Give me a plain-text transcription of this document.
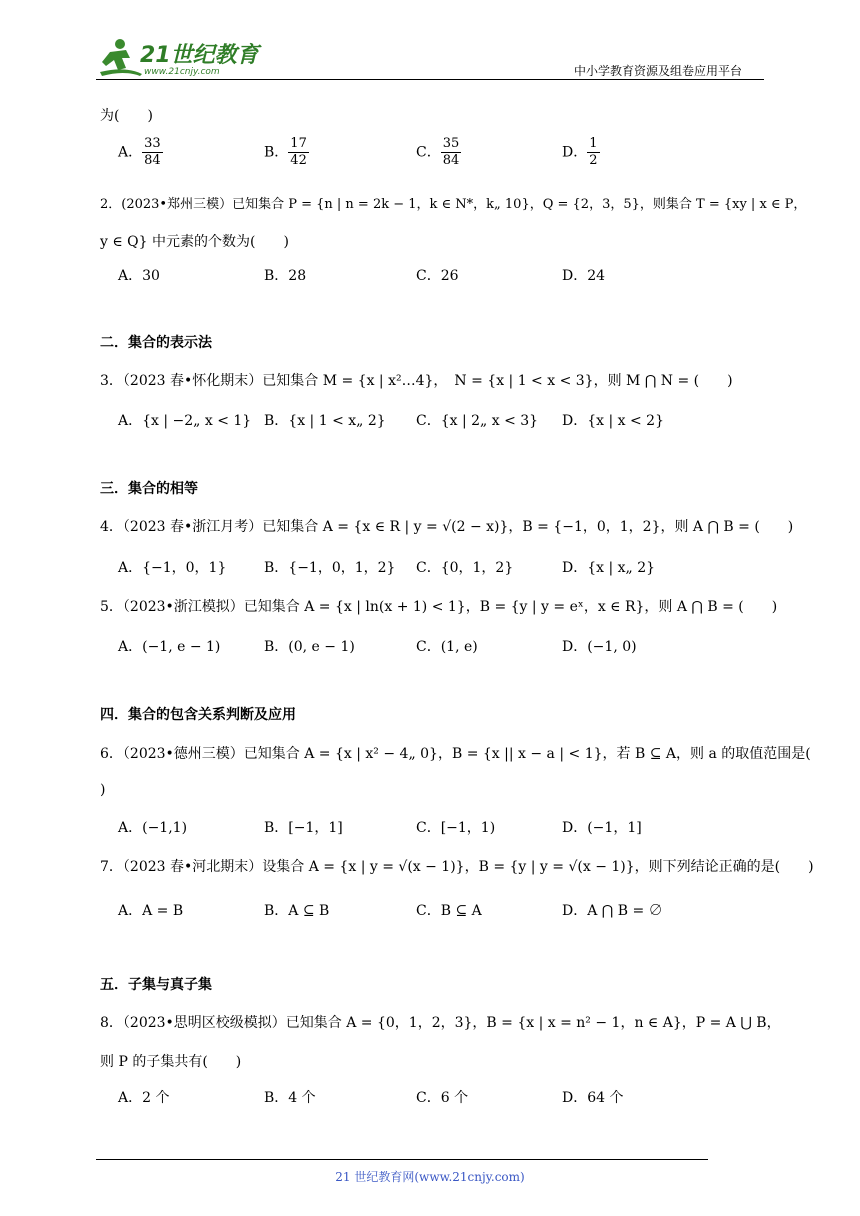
21世纪教育
www.21cnjy.com	中小学教育资源及组卷应用平台
为(　　)
A． $\frac{33}{84}$	B． $\frac{17}{42}$	C． $\frac{35}{84}$	D． $\frac{1}{2}$
2．(2023•郑州三模）已知集合 P = {n | n = 2k − 1，k ∈ N*，k„ 10}，Q = {2，3，5}，则集合 T = {xy | x ∈ P，
y ∈ Q} 中元素的个数为(　　)
A．30	B．28	C．26	D．24
二．集合的表示法
3．（2023 春•怀化期末）已知集合 M = {x | x²…4}，　N = {x | 1 < x < 3}，则 M ⋂ N = (　　)
A．{x | −2„ x < 1} B．{x | 1 < x„ 2} C．{x | 2„ x < 3} D．{x | x < 2}
三．集合的相等
4．（2023 春•浙江月考）已知集合 A = {x ∈ R | y = √(2 − x)}，B = {−1，0，1，2}，则 A ⋂ B = (　　)
A．{−1，0，1}	B．{−1，0，1，2} C．{0，1，2}	D．{x | x„ 2}
5．（2023•浙江模拟）已知集合 A = {x | ln(x + 1) < 1}，B = {y | y = eˣ，x ∈ R}，则 A ⋂ B = (　　)
A．(−1, e − 1)	B．(0, e − 1)	C．(1, e)	D．(−1, 0)
四．集合的包含关系判断及应用
6．（2023•德州三模）已知集合 A = {x | x² − 4„ 0}，B = {x || x − a | < 1}，若 B ⊆ A，则 a 的取值范围是(
)
A．(−1,1)	B．[−1，1]	C．[−1，1)	D．(−1，1]
7．（2023 春•河北期末）设集合 A = {x | y = √(x − 1)}，B = {y | y = √(x − 1)}，则下列结论正确的是(　　)
A．A = B	B．A ⊆ B	C．B ⊆ A	D．A ⋂ B = ∅
五．子集与真子集
8．（2023•思明区校级模拟）已知集合 A = {0，1，2，3}，B = {x | x = n² − 1，n ∈ A}，P = A ⋃ B，
则 P 的子集共有(　　)
A．2 个	B．4 个	C．6 个	D．64 个
21 世纪教育网(www.21cnjy.com)
